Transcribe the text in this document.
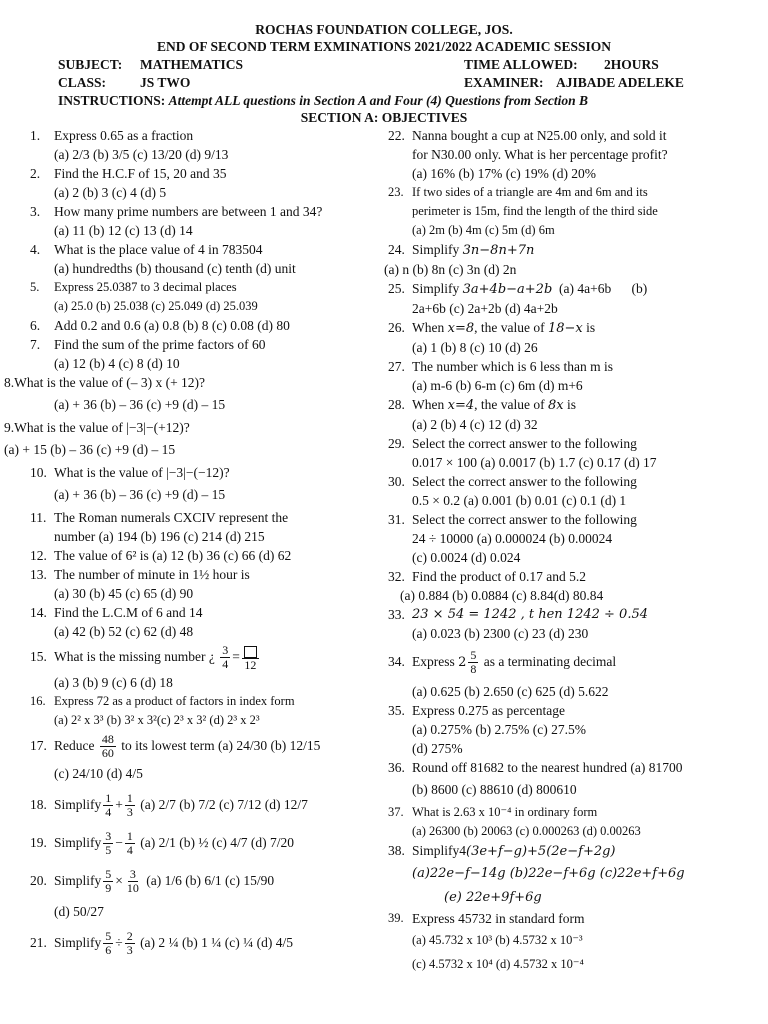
ROCHAS FOUNDATION COLLEGE, JOS.
END OF SECOND TERM EXMINATIONS 2021/2022 ACADEMIC SESSION
SUBJECT: MATHEMATICS	TIME ALLOWED: 2HOURS
CLASS:	JS TWO	EXAMINER: AJIBADE ADELEKE
INSTRUCTIONS: Attempt ALL questions in Section A and Four (4) Questions from Section B
SECTION A: OBJECTIVES
1.	Express 0.65 as a fraction
(a) 2/3 (b) 3/5 (c) 13/20 (d) 9/13
2.	Find the H.C.F of 15, 20 and 35
(a) 2 (b) 3 (c) 4 (d) 5
3.	How many prime numbers are between 1 and 34?
(a) 11 (b) 12 (c) 13 (d) 14
4.	What is the place value of 4 in 783504
(a) hundredths (b) thousand (c) tenth (d) unit
5.	Express 25.0387 to 3 decimal places
(a) 25.0 (b) 25.038 (c) 25.049 (d) 25.039
6.	Add 0.2 and 0.6 (a) 0.8 (b) 8 (c) 0.08 (d) 80
7.	Find the sum of the prime factors of 60
(a) 12 (b) 4 (c) 8 (d) 10
8. What is the value of (– 3) x (+ 12)?
(a) + 36 (b) – 36 (c) +9 (d) – 15
9. What is the value of |−3|−(+12)?
(a) + 15 (b) – 36 (c) +9 (d) – 15
10. What is the value of |−3|−(−12)?
(a) + 36 (b) – 36 (c) +9 (d) – 15
11. The Roman numerals CXCIV represent the
number (a) 194 (b) 196 (c) 214 (d) 215
12. The value of 6² is (a) 12 (b) 36 (c) 66 (d) 62
13. The number of minute in 1½ hour is
(a) 30 (b) 45 (c) 65 (d) 90
14. Find the L.C.M of 6 and 14
(a) 42 (b) 52 (c) 62 (d) 48
15. What is the missing number ¿ $\frac{3}{4}$ =
12
(a) 3 (b) 9 (c) 6 (d) 18
16. Express 72 as a product of factors in index form
(a) 2² x 3³ (b) 3² x 3²(c) 2³ x 3² (d) 2³ x 2³
17. Reduce $\frac{48}{60}$ to its lowest term (a) 24/30 (b) 12/15
(c) 24/10 (d) 4/5
18. Simplify $\frac{1}{4} + \frac{1}{3} (a)$ 2/7 (b) 7/2 (c) 7/12 (d) 12/7
19. Simplify $\frac{3}{5} - \frac{1}{4} (a)$ 2/1 (b) ½ (c) 4/7 (d) 7/20
20. Simplify $\frac{5}{9} \times \frac{3}{10} (a)$ 1/6 (b) 6/1 (c) 15/90
(d) 50/27
21. Simplify $\frac{5}{6} \div \frac{2}{3} (a)$ 2 ¼ (b) 1 ¼ (c) ¼ (d) 4/5
22. Nanna bought a cup at N25.00 only, and sold it
for N30.00 only. What is her percentage profit?
(a) 16% (b) 17% (c) 19% (d) 20%
23. If two sides of a triangle are 4m and 6m and its
perimeter is 15m, find the length of the third side
(a) 2m (b) 4m (c) 5m (d) 6m
24. Simplify 3n−8n+7n
(a) n (b) 8n (c) 3n (d) 2n
25. Simplify 3a+4b−a+2b  (a) 4a+6b      (b)
2a+6b (c) 2a+2b (d) 4a+2b
26. When x=8, the value of 18−x is
(a) 1 (b) 8 (c) 10 (d) 26
27. The number which is 6 less than m is
(a) m-6 (b) 6-m (c) 6m (d) m+6
28. When x=4, the value of 8x is
(a) 2 (b) 4 (c) 12 (d) 32
29. Select the correct answer to the following
0.017 × 100 (a) 0.0017 (b) 1.7 (c) 0.17 (d) 17
30. Select the correct answer to the following
0.5 × 0.2 (a) 0.001 (b) 0.01 (c) 0.1 (d) 1
31. Select the correct answer to the following
24 ÷ 10000 (a) 0.000024 (b) 0.00024
(c) 0.0024 (d) 0.024
32. Find the product of 0.17 and 5.2
(a) 0.884 (b) 0.0884 (c) 8.84(d) 80.84
33. 23 × 54 = 1242 , t hen 1242 ÷ 0.54
(a) 0.023 (b) 2300 (c) 23 (d) 230
34. Express $2 \frac{5}{8}$ as a terminating decimal
(a) 0.625 (b) 2.650 (c) 625 (d) 5.622
35. Express 0.275 as percentage
(a) 0.275% (b) 2.75% (c) 27.5%
(d) 275%
36. Round off 81682 to the nearest hundred (a) 81700
(b) 8600 (c) 88610 (d) 800610
37. What is 2.63 x 10⁻⁴ in ordinary form
(a) 26300 (b) 20063 (c) 0.000263 (d) 0.00263
38. Simplify4(3e+f−g)+5(2e−f+2g)
(a)22e−f−14g (b)22e−f+6g (c)22e+f+6g
(e) 22e+9f+6g
39. Express 45732 in standard form
(a) 45.732 x 10³ (b) 4.5732 x 10⁻³
(c) 4.5732 x 10⁴ (d) 4.5732 x 10⁻⁴
